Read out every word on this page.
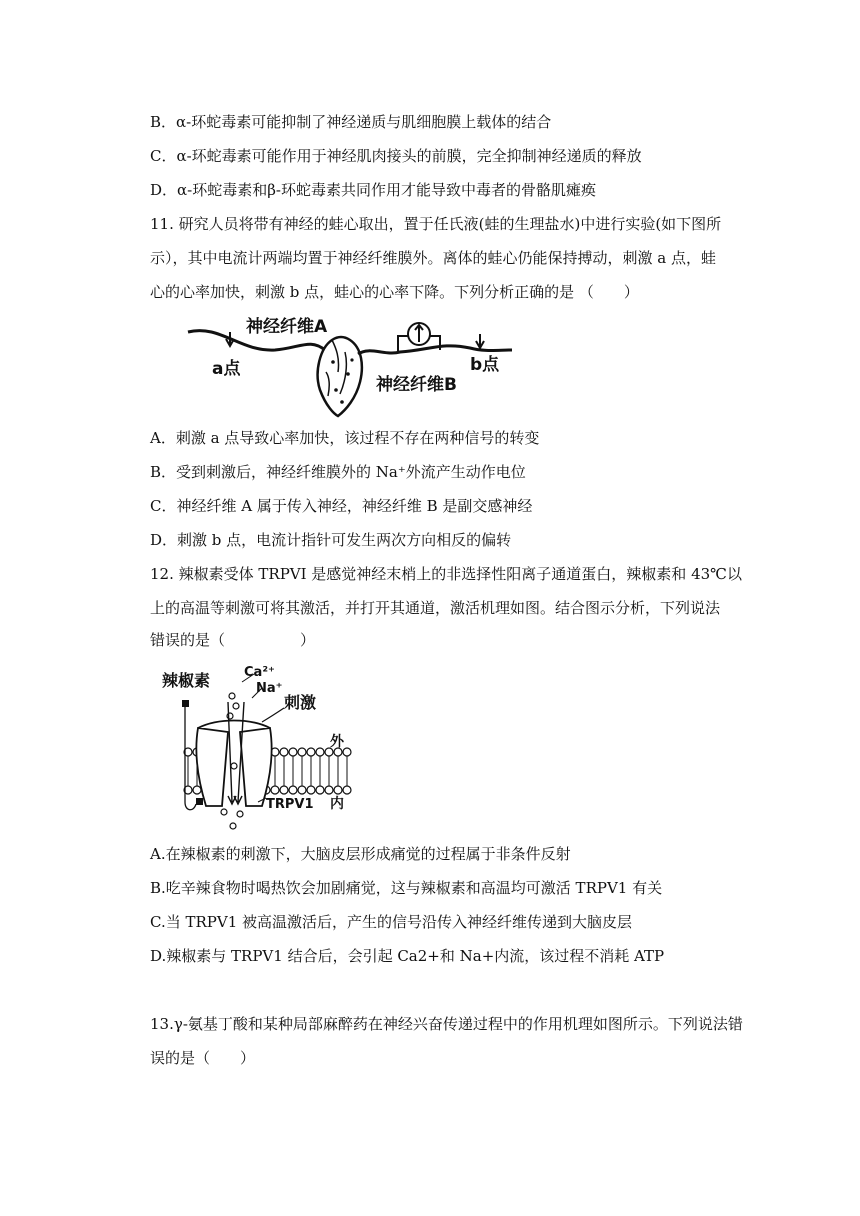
B．α-环蛇毒素可能抑制了神经递质与肌细胞膜上载体的结合
C．α-环蛇毒素可能作用于神经肌肉接头的前膜，完全抑制神经递质的释放
D．α-环蛇毒素和β-环蛇毒素共同作用才能导致中毒者的骨骼肌瘫痪
11. 研究人员将带有神经的蛙心取出，置于任氏液(蛙的生理盐水)中进行实验(如下图所
示），其中电流计两端均置于神经纤维膜外。离体的蛙心仍能保持搏动，刺激 a 点，蛙
心的心率加快，刺激 b 点，蛙心的心率下降。下列分析正确的是 （　　）
神经纤维A
a点
神经纤维B
b点
A．刺激 a 点导致心率加快，该过程不存在两种信号的转变
B．受到刺激后，神经纤维膜外的 Na⁺外流产生动作电位
C．神经纤维 A 属于传入神经，神经纤维 B 是副交感神经
D．刺激 b 点，电流计指针可发生两次方向相反的偏转
12. 辣椒素受体 TRPVI 是感觉神经末梢上的非选择性阳离子通道蛋白，辣椒素和 43℃以
上的高温等刺激可将其激活，并打开其通道，激活机理如图。结合图示分析，下列说法
错误的是（　　　　　）
辣椒素	Ca²⁺
Na⁺
刺激
外
内
TRPV1
A.在辣椒素的刺激下，大脑皮层形成痛觉的过程属于非条件反射
B.吃辛辣食物时喝热饮会加剧痛觉，这与辣椒素和高温均可激活 TRPV1 有关
C.当 TRPV1 被高温激活后，产生的信号沿传入神经纤维传递到大脑皮层
D.辣椒素与 TRPV1 结合后，会引起 Ca2+和 Na+内流，该过程不消耗 ATP
13.γ-氨基丁酸和某种局部麻醉药在神经兴奋传递过程中的作用机理如图所示。下列说法错
误的是（　　）
